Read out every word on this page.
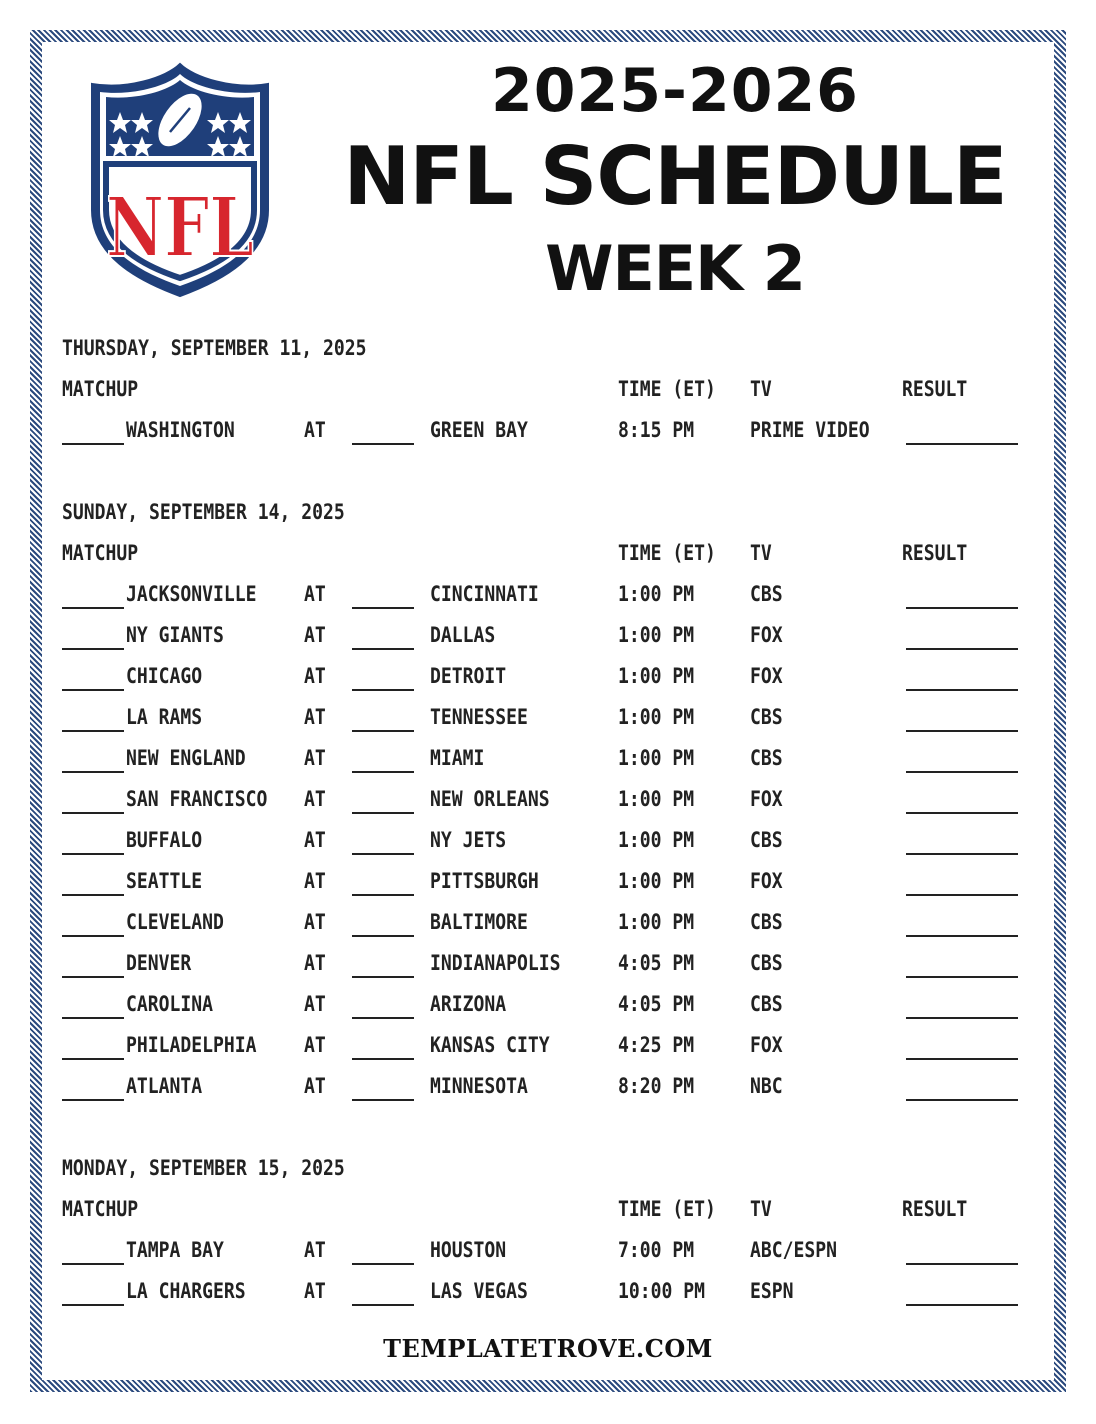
NFL
2025-2026
NFL SCHEDULE
WEEK 2
THURSDAY, SEPTEMBER 11, 2025
MATCHUP	TIME (ET) TV	RESULT
WASHINGTON	AT	GREEN BAY	8:15 PM	PRIME VIDEO
SUNDAY, SEPTEMBER 14, 2025
MATCHUP	TIME (ET) TV	RESULT
JACKSONVILLE AT	CINCINNATI	1:00 PM	CBS
NY GIANTS	AT	DALLAS	1:00 PM	FOX
CHICAGO	AT	DETROIT	1:00 PM	FOX
LA RAMS	AT	TENNESSEE	1:00 PM	CBS
NEW ENGLAND	AT	MIAMI	1:00 PM	CBS
SAN FRANCISCO AT	NEW ORLEANS	1:00 PM	FOX
BUFFALO	AT	NY JETS	1:00 PM	CBS
SEATTLE	AT	PITTSBURGH	1:00 PM	FOX
CLEVELAND	AT	BALTIMORE	1:00 PM	CBS
DENVER	AT	INDIANAPOLIS	4:05 PM	CBS
CAROLINA	AT	ARIZONA	4:05 PM	CBS
PHILADELPHIA AT	KANSAS CITY	4:25 PM	FOX
ATLANTA	AT	MINNESOTA	8:20 PM	NBC
MONDAY, SEPTEMBER 15, 2025
MATCHUP	TIME (ET) TV	RESULT
TAMPA BAY	AT	HOUSTON	7:00 PM	ABC/ESPN
LA CHARGERS	AT	LAS VEGAS	10:00 PM ESPN
TEMPLATETROVE.COM
